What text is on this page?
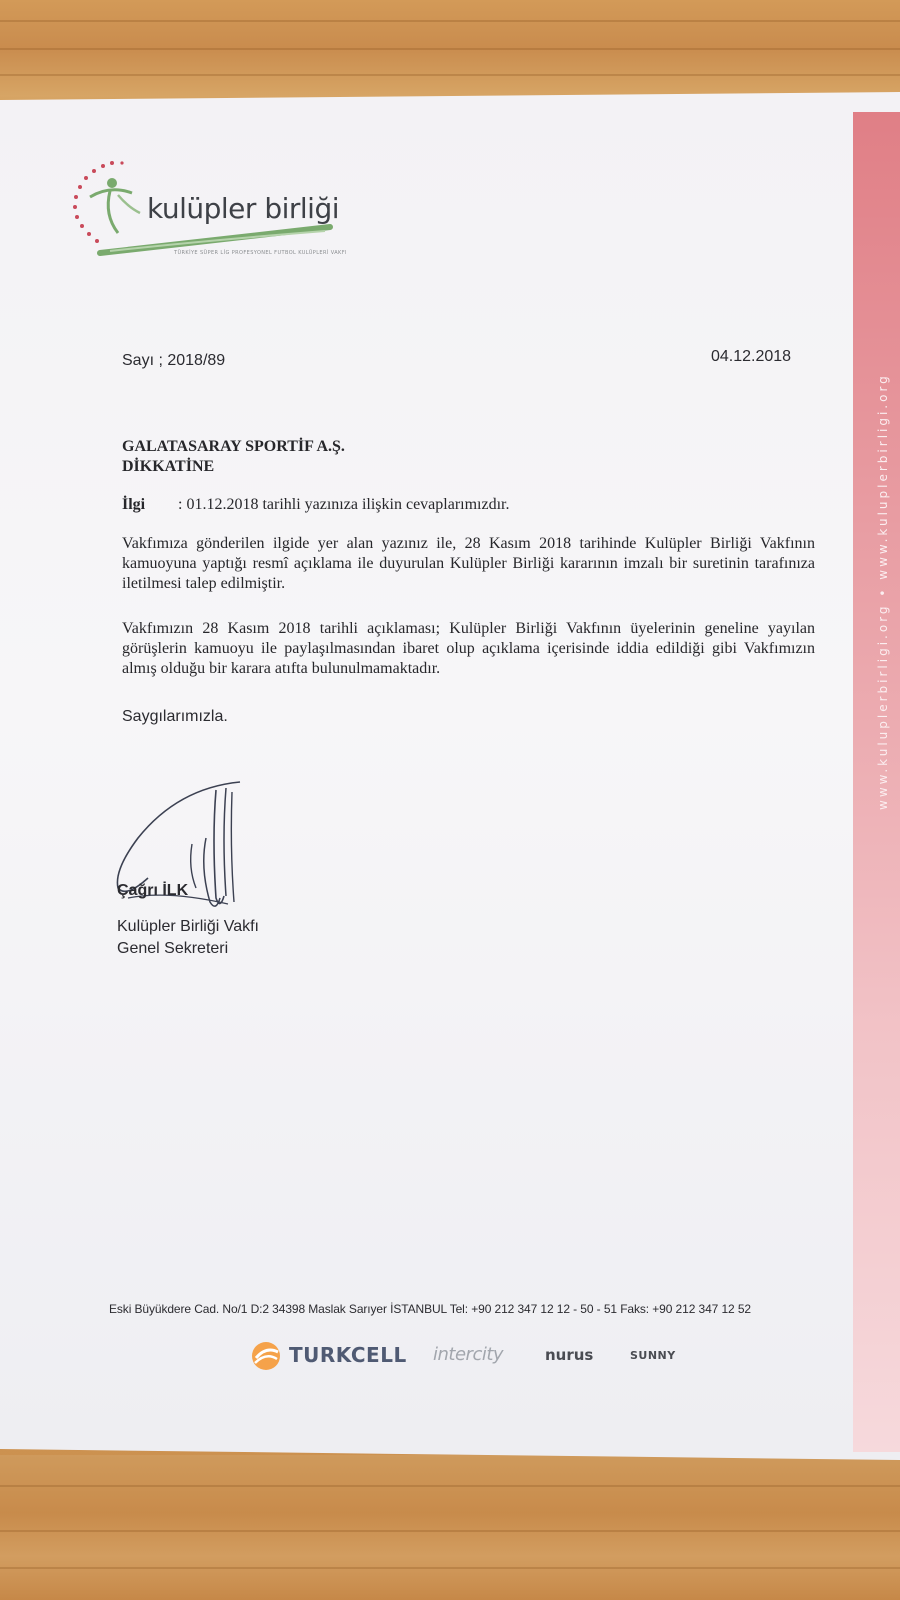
www.kuluplerbirligi.org • www.kuluplerbirligi.org
kulüpler birliği
TÜRKİYE SÜPER LİG PROFESYONEL FUTBOL KULÜPLERİ VAKFI
Sayı ; 2018/89	04.12.2018
GALATASARAY SPORTİF A.Ş.
DİKKATİNE
İlgi : 01.12.2018 tarihli yazınıza ilişkin cevaplarımızdır.
Vakfımıza gönderilen ilgide yer alan yazınız ile, 28 Kasım 2018 tarihinde Kulüpler Birliği Vakfının kamuoyuna yaptığı resmî açıklama ile duyurulan Kulüpler Birliği kararının imzalı bir suretinin tarafınıza iletilmesi talep edilmiştir.
Vakfımızın 28 Kasım 2018 tarihli açıklaması; Kulüpler Birliği Vakfının üyelerinin geneline yayılan görüşlerin kamuoyu ile paylaşılmasından ibaret olup açıklama içerisinde iddia edildiği gibi Vakfımızın almış olduğu bir karara atıfta bulunulmamaktadır.
Saygılarımızla.
Çağrı İLK
Kulüpler Birliği Vakfı
Genel Sekreteri
Eski Büyükdere Cad. No/1 D:2 34398 Maslak Sarıyer İSTANBUL Tel: +90 212 347 12 12 - 50 - 51 Faks: +90 212 347 12 52
TURKCELL intercity	nurus	SUNNY
